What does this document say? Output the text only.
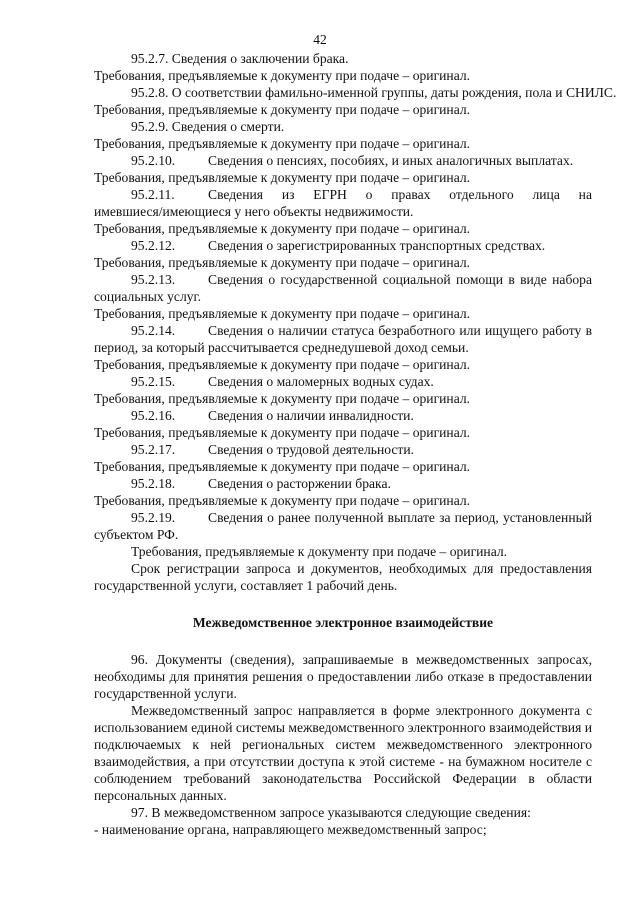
42

95.2.7. Сведения о заключении брака.

Требования, предъявляемые к документу при подаче – оригинал.

95.2.8. О соответствии фамильно-именной группы, даты рождения, пола и СНИЛС.

Требования, предъявляемые к документу при подаче – оригинал.

95.2.9. Сведения о смерти.

Требования, предъявляемые к документу при подаче – оригинал.

95.2.10.	Сведения о пенсиях, пособиях, и иных аналогичных выплатах.

Требования, предъявляемые к документу при подаче – оригинал.

95.2.11.	Сведения из ЕГРН о правах отдельного лица на

имевшиеся/имеющиеся у него объекты недвижимости.

Требования, предъявляемые к документу при подаче – оригинал.

95.2.12.	Сведения о зарегистрированных транспортных средствах.

Требования, предъявляемые к документу при подаче – оригинал.

95.2.13.	Сведения о государственной социальной помощи в виде набора

социальных услуг.

Требования, предъявляемые к документу при подаче – оригинал.

95.2.14.	Сведения о наличии статуса безработного или ищущего работу в

период, за который рассчитывается среднедушевой доход семьи.

Требования, предъявляемые к документу при подаче – оригинал.

95.2.15.	Сведения о маломерных водных судах.

Требования, предъявляемые к документу при подаче – оригинал.

95.2.16.	Сведения о наличии инвалидности.

Требования, предъявляемые к документу при подаче – оригинал.

95.2.17.	Сведения о трудовой деятельности.

Требования, предъявляемые к документу при подаче – оригинал.

95.2.18.	Сведения о расторжении брака.

Требования, предъявляемые к документу при подаче – оригинал.

95.2.19.	Сведения о ранее полученной выплате за период, установленный

субъектом РФ.

Требования, предъявляемые к документу при подаче – оригинал.

Срок регистрации запроса и документов, необходимых для предоставления

государственной услуги, составляет 1 рабочий день.

Межведомственное электронное взаимодействие

96. Документы (сведения), запрашиваемые в межведомственных запросах, необходимы для принятия решения о предоставлении либо отказе в предоставлении государственной услуги.

Межведомственный запрос направляется в форме электронного документа с использованием единой системы межведомственного электронного взаимодействия и подключаемых к ней региональных систем межведомственного электронного взаимодействия, а при отсутствии доступа к этой системе - на бумажном носителе с соблюдением требований законодательства Российской Федерации в области персональных данных.

97. В межведомственном запросе указываются следующие сведения:

- наименование органа, направляющего межведомственный запрос;
